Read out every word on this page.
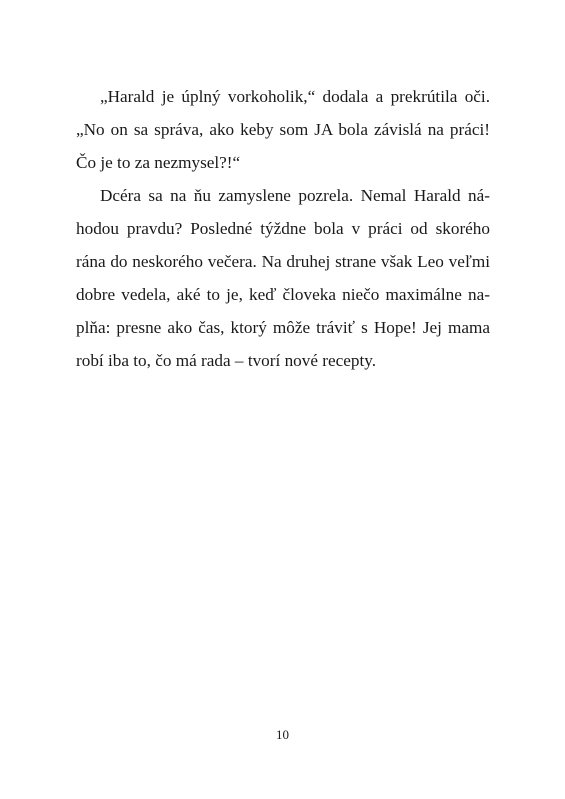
„Harald je úplný vorkoholik,“ dodala a prekrútila oči.
„No on sa správa, ako keby som JA bola závislá na práci!
Čo je to za nezmysel?!“

Dcéra sa na ňu zamyslene pozrela. Nemal Harald ná-
hodou pravdu? Posledné týždne bola v práci od skorého
rána do neskorého večera. Na druhej strane však Leo veľmi
dobre vedela, aké to je, keď človeka niečo maximálne na-
plňa: presne ako čas, ktorý môže tráviť s Hope! Jej mama
robí iba to, čo má rada – tvorí nové recepty.

10
